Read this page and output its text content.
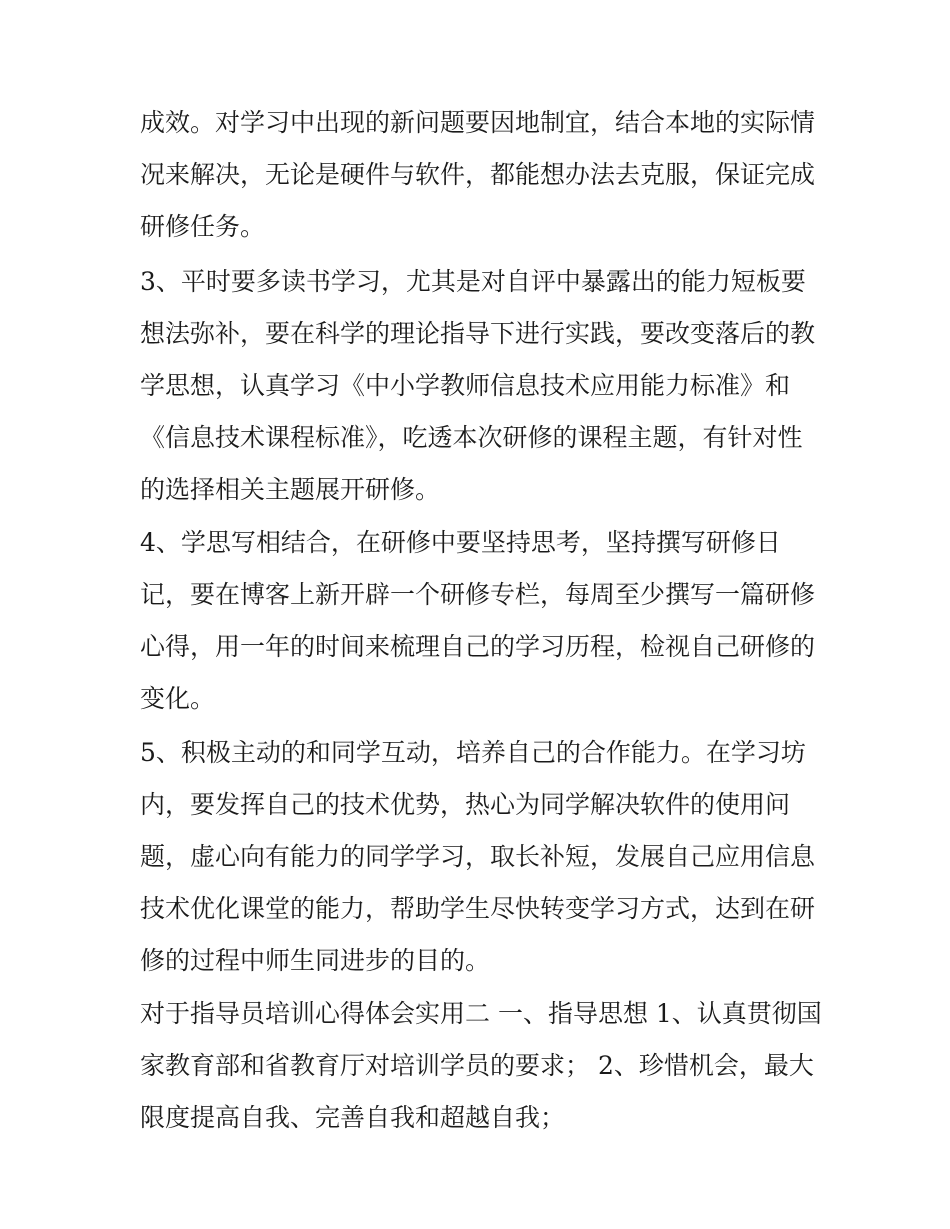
成效。对学习中出现的新问题要因地制宜，结合本地的实际情
况来解决，无论是硬件与软件，都能想办法去克服，保证完成
研修任务。
3、平时要多读书学习，尤其是对自评中暴露出的能力短板要
想法弥补，要在科学的理论指导下进行实践，要改变落后的教
学思想，认真学习《中小学教师信息技术应用能力标准》和
《信息技术课程标准》，吃透本次研修的课程主题，有针对性
的选择相关主题展开研修。
4、学思写相结合，在研修中要坚持思考，坚持撰写研修日
记，要在博客上新开辟一个研修专栏，每周至少撰写一篇研修
心得，用一年的时间来梳理自己的学习历程，检视自己研修的
变化。
5、积极主动的和同学互动，培养自己的合作能力。在学习坊
内，要发挥自己的技术优势，热心为同学解决软件的使用问
题，虚心向有能力的同学学习，取长补短，发展自己应用信息
技术优化课堂的能力，帮助学生尽快转变学习方式，达到在研
修的过程中师生同进步的目的。
对于指导员培训心得体会实用二 一、指导思想 1、认真贯彻国
家教育部和省教育厅对培训学员的要求； 2、珍惜机会，最大
限度提高自我、完善自我和超越自我；
